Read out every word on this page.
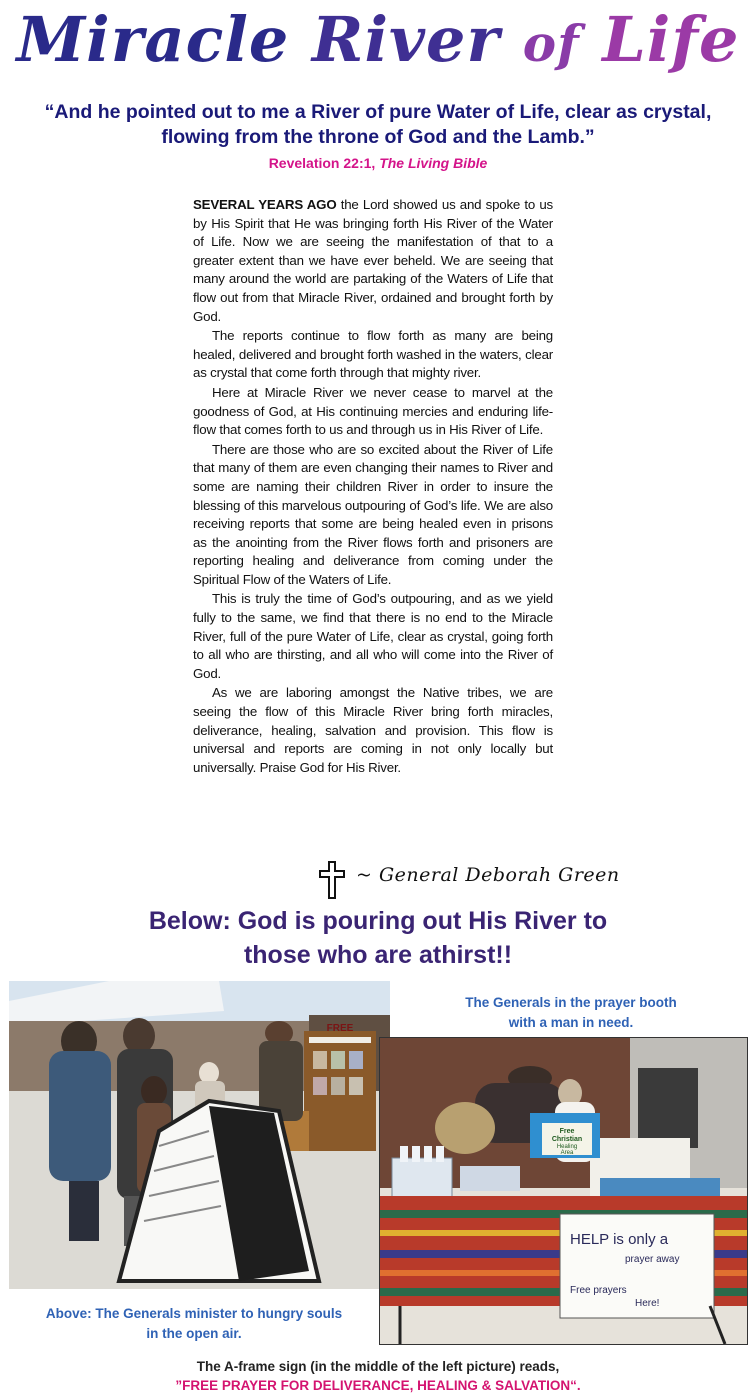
Miracle River of Life
“And he pointed out to me a River of pure Water of Life, clear as crystal, flowing from the throne of God and the Lamb.”
Revelation 22:1, The Living Bible

SEVERAL YEARS AGO the Lord showed us and spoke to us by His Spirit that He was bringing forth His River of the Water of Life. Now we are seeing the manifestation of that to a greater extent than we have ever beheld. We are seeing that many around the world are partaking of the Waters of Life that flow out from that Miracle River, ordained and brought forth by God.

The reports continue to flow forth as many are being healed, delivered and brought forth washed in the waters, clear as crystal that come forth through that mighty river.

Here at Miracle River we never cease to marvel at the goodness of God, at His continuing mercies and enduring life-flow that comes forth to us and through us in His River of Life.

There are those who are so excited about the River of Life that many of them are even changing their names to River and some are naming their children River in order to insure the blessing of this marvelous outpouring of God’s life. We are also receiving reports that some are being healed even in prisons as the anointing from the River flows forth and prisoners are reporting healing and deliverance from coming under the Spiritual Flow of the Waters of Life.

This is truly the time of God’s outpouring, and as we yield fully to the same, we find that there is no end to the Miracle River, full of the pure Water of Life, clear as crystal, going forth to all who are thirsting, and all who will come into the River of God.

As we are laboring amongst the Native tribes, we are seeing the flow of this Miracle River bring forth miracles, deliverance, healing, salvation and provision. This flow is universal and reports are coming in not only locally but universally. Praise God for His River.

~ General Deborah Green
Below: God is pouring out His River to
those who are athirst!!
FREE
The Generals in the prayer booth
with a man in need.
Free
Christian
Healing
Area
HELP is only a
prayer away
Free prayers
Here!
Above: The Generals minister to hungry souls
in the open air.
The A-frame sign (in the middle of the left picture) reads,
”FREE PRAYER FOR DELIVERANCE, HEALING & SALVATION“.
